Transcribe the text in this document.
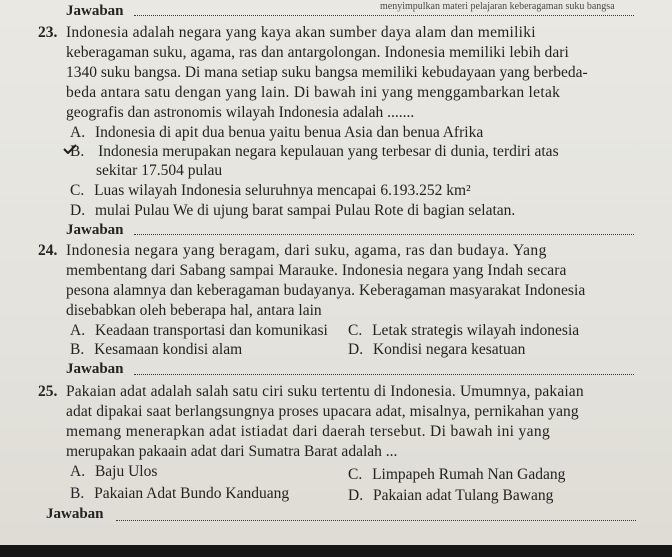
Jawaban	menyimpulkan materi pelajaran keberagaman suku bangsa
23. Indonesia adalah negara yang kaya akan sumber daya alam dan memiliki
keberagaman suku, agama, ras dan antargolongan. Indonesia memiliki lebih dari
1340 suku bangsa. Di mana setiap suku bangsa memiliki kebudayaan yang berbeda-
beda antara satu dengan yang lain. Di bawah ini yang menggambarkan letak
geografis dan astronomis wilayah Indonesia adalah .......
A. Indonesia di apit dua benua yaitu benua Asia dan benua Afrika
B. Indonesia merupakan negara kepulauan yang terbesar di dunia, terdiri atas
sekitar 17.504 pulau
C. Luas wilayah Indonesia seluruhnya mencapai 6.193.252 km²
D. mulai Pulau We di ujung barat sampai Pulau Rote di bagian selatan.
Jawaban
24. Indonesia negara yang beragam, dari suku, agama, ras dan budaya. Yang
membentang dari Sabang sampai Marauke. Indonesia negara yang Indah secara
pesona alamnya dan keberagaman budayanya. Keberagaman masyarakat Indonesia
disebabkan oleh beberapa hal, antara lain
A. Keadaan transportasi dan komunikasi C. Letak strategis wilayah indonesia
B. Kesamaan kondisi alam	D. Kondisi negara kesatuan
Jawaban
25. Pakaian adat adalah salah satu ciri suku tertentu di Indonesia. Umumnya, pakaian
adat dipakai saat berlangsungnya proses upacara adat, misalnya, pernikahan yang
memang menerapkan adat istiadat dari daerah tersebut. Di bawah ini yang
merupakan pakaain adat dari Sumatra Barat adalah ...
A. Baju Ulos	C. Limpapeh Rumah Nan Gadang
B. Pakaian Adat Bundo Kanduang	D. Pakaian adat Tulang Bawang
Jawaban
